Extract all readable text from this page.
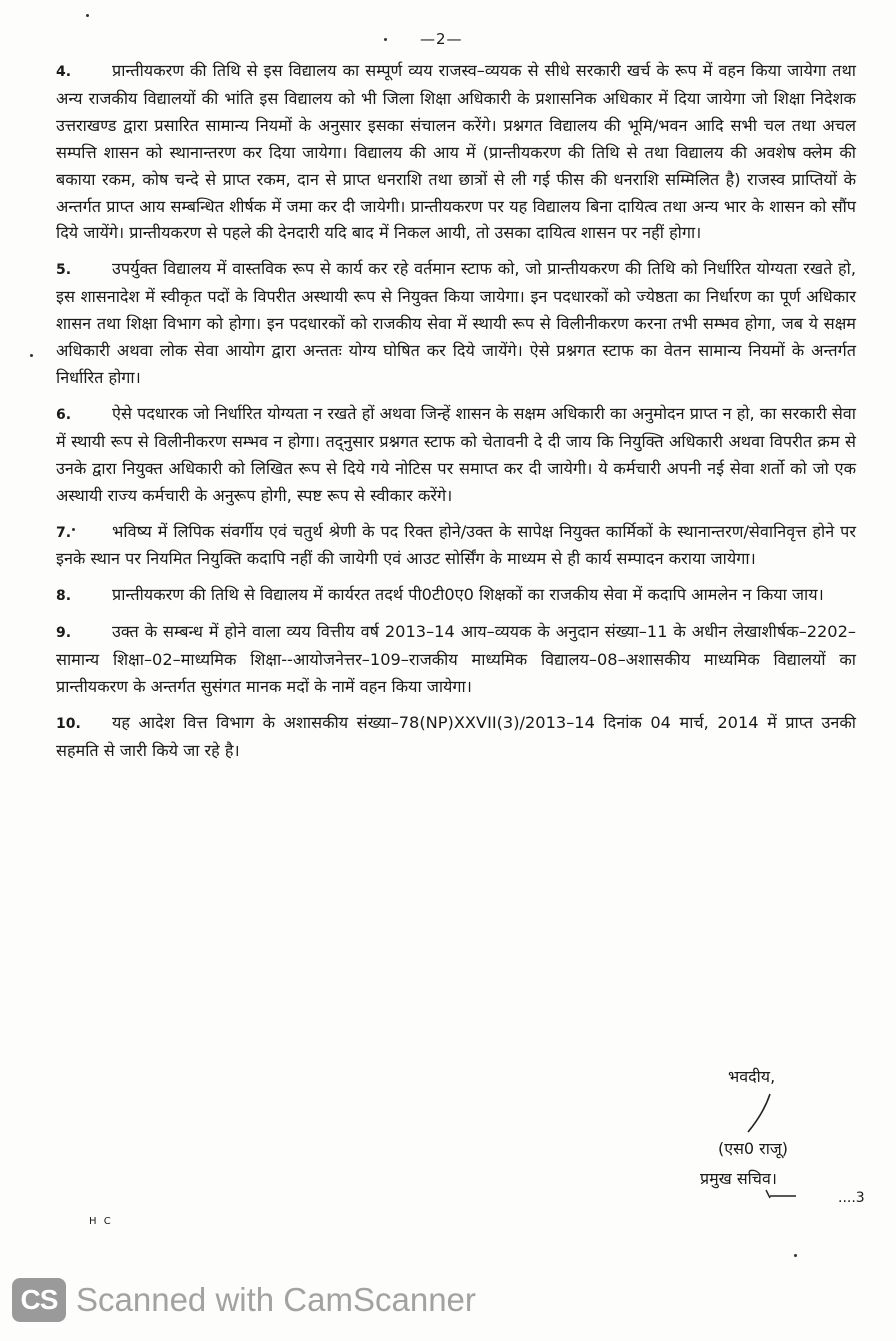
—2—

4.	प्रान्तीयकरण की तिथि से इस विद्यालय का सम्पूर्ण व्यय राजस्व–व्ययक से सीधे सरकारी खर्च के रूप में वहन किया जायेगा तथा अन्य राजकीय विद्यालयों की भांति इस विद्यालय को भी जिला शिक्षा अधिकारी के प्रशासनिक अधिकार में दिया जायेगा जो शिक्षा निदेशक उत्तराखण्ड द्वारा प्रसारित सामान्य नियमों के अनुसार इसका संचालन करेंगे। प्रश्नगत विद्यालय की भूमि/भवन आदि सभी चल तथा अचल सम्पत्ति शासन को स्थानान्तरण कर दिया जायेगा। विद्यालय की आय में (प्रान्तीयकरण की तिथि से तथा विद्यालय की अवशेष क्लेम की बकाया रकम, कोष चन्दे से प्राप्त रकम, दान से प्राप्त धनराशि तथा छात्रों से ली गई फीस की धनराशि सम्मिलित है) राजस्व प्राप्तियों के अन्तर्गत प्राप्त आय सम्बन्धित शीर्षक में जमा कर दी जायेगी। प्रान्तीयकरण पर यह विद्यालय बिना दायित्व तथा अन्य भार के शासन को सौंप दिये जायेंगे। प्रान्तीयकरण से पहले की देनदारी यदि बाद में निकल आयी, तो उसका दायित्व शासन पर नहीं होगा।

5.	उपर्युक्त विद्यालय में वास्तविक रूप से कार्य कर रहे वर्तमान स्टाफ को, जो प्रान्तीयकरण की तिथि को निर्धारित योग्यता रखते हो, इस शासनादेश में स्वीकृत पदों के विपरीत अस्थायी रूप से नियुक्त किया जायेगा। इन पदधारकों को ज्येष्ठता का निर्धारण का पूर्ण अधिकार शासन तथा शिक्षा विभाग को होगा। इन पदधारकों को राजकीय सेवा में स्थायी रूप से विलीनीकरण करना तभी सम्भव होगा, जब ये सक्षम अधिकारी अथवा लोक सेवा आयोग द्वारा अन्ततः योग्य घोषित कर दिये जायेंगे। ऐसे प्रश्नगत स्टाफ का वेतन सामान्य नियमों के अन्तर्गत निर्धारित होगा।

6.	ऐसे पदधारक जो निर्धारित योग्यता न रखते हों अथवा जिन्हें शासन के सक्षम अधिकारी का अनुमोदन प्राप्त न हो, का सरकारी सेवा में स्थायी रूप से विलीनीकरण सम्भव न होगा। तद्नुसार प्रश्नगत स्टाफ को चेतावनी दे दी जाय कि नियुक्ति अधिकारी अथवा विपरीत क्रम से उनके द्वारा नियुक्त अधिकारी को लिखित रूप से दिये गये नोटिस पर समाप्त कर दी जायेगी। ये कर्मचारी अपनी नई सेवा शर्तो को जो एक अस्थायी राज्य कर्मचारी के अनुरूप होगी, स्पष्ट रूप से स्वीकार करेंगे।

7.	भविष्य में लिपिक संवर्गीय एवं चतुर्थ श्रेणी के पद रिक्त होने/उक्त के सापेक्ष नियुक्त कार्मिकों के स्थानान्तरण/सेवानिवृत्त होने पर इनके स्थान पर नियमित नियुक्ति कदापि नहीं की जायेगी एवं आउट सोर्सिंग के माध्यम से ही कार्य सम्पादन कराया जायेगा।

8.	प्रान्तीयकरण की तिथि से विद्यालय में कार्यरत तदर्थ पी0टी0ए0 शिक्षकों का राजकीय सेवा में कदापि आमलेन न किया जाय।

9.	उक्त के सम्बन्ध में होने वाला व्यय वित्तीय वर्ष 2013–14 आय–व्ययक के अनुदान संख्या–11 के अधीन लेखाशीर्षक–2202–सामान्य शिक्षा–02–माध्यमिक शिक्षा--आयोजनेत्तर–109–राजकीय माध्यमिक विद्यालय–08–अशासकीय माध्यमिक विद्यालयों का प्रान्तीयकरण के अन्तर्गत सुसंगत मानक मदों के नामें वहन किया जायेगा।

10. यह आदेश वित्त विभाग के अशासकीय संख्या–78(NP)XXVII(3)/2013–14 दिनांक 04 मार्च, 2014 में प्राप्त उनकी सहमति से जारी किये जा रहे है।

भवदीय,
(एस0 राजू)
प्रमुख सचिव।
....3
H C
CS Scanned with CamScanner
